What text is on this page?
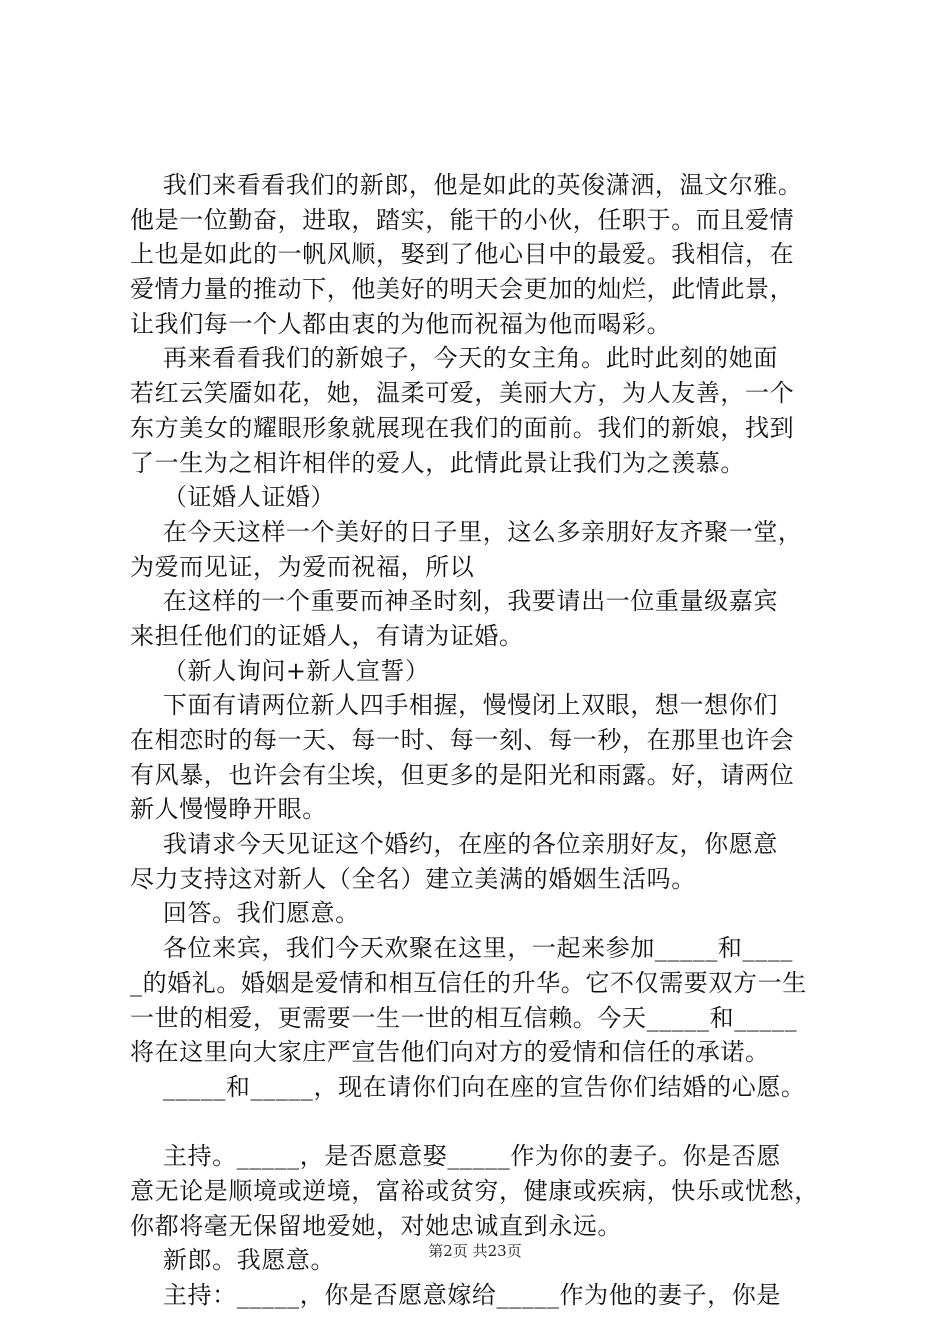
我们来看看我们的新郎，他是如此的英俊潇洒，温文尔雅。
他是一位勤奋，进取，踏实，能干的小伙，任职于。而且爱情
上也是如此的一帆风顺，娶到了他心目中的最爱。我相信，在
爱情力量的推动下，他美好的明天会更加的灿烂，此情此景，
让我们每一个人都由衷的为他而祝福为他而喝彩。
再来看看我们的新娘子，今天的女主角。此时此刻的她面
若红云笑靥如花，她，温柔可爱，美丽大方，为人友善，一个
东方美女的耀眼形象就展现在我们的面前。我们的新娘，找到
了一生为之相许相伴的爱人，此情此景让我们为之羡慕。
（证婚人证婚）
在今天这样一个美好的日子里，这么多亲朋好友齐聚一堂，
为爱而见证，为爱而祝福，所以
在这样的一个重要而神圣时刻，我要请出一位重量级嘉宾
来担任他们的证婚人，有请为证婚。
（新人询问+新人宣誓）
下面有请两位新人四手相握，慢慢闭上双眼，想一想你们
在相恋时的每一天、每一时、每一刻、每一秒，在那里也许会
有风暴，也许会有尘埃，但更多的是阳光和雨露。好，请两位
新人慢慢睁开眼。
我请求今天见证这个婚约，在座的各位亲朋好友，你愿意
尽力支持这对新人（全名）建立美满的婚姻生活吗。
回答。我们愿意。
各位来宾，我们今天欢聚在这里，一起来参加_____和____
_的婚礼。婚姻是爱情和相互信任的升华。它不仅需要双方一生
一世的相爱，更需要一生一世的相互信赖。今天_____和_____
将在这里向大家庄严宣告他们向对方的爱情和信任的承诺。
_____和_____，现在请你们向在座的宣告你们结婚的心愿。
主持。_____，是否愿意娶_____作为你的妻子。你是否愿
意无论是顺境或逆境，富裕或贫穷，健康或疾病，快乐或忧愁，
你都将毫无保留地爱她，对她忠诚直到永远。
新郎。我愿意。
主持：_____，你是否愿意嫁给_____作为他的妻子，你是
第2页 共23页
